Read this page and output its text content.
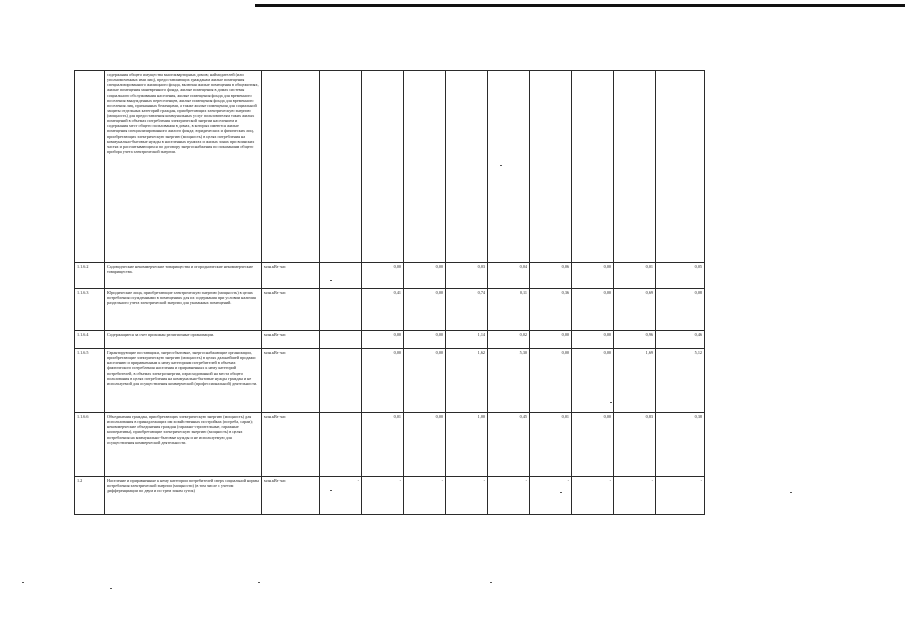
	содержания общего имущества многоквартирных домов; наймодателей (или уполномоченных ими лиц), предоставляющих гражданам жилые помещения специализированного жилищного фонда, включая жилые помещения в общежитиях, жилые помещения маневренного фонда, жилые помещения в домах системы социального обслуживания населения, жилые помещения фонда для временного поселения вынужденных переселенцев, жилые помещения фонда для временного поселения лиц, признанных беженцами, а также жилые помещения для социальной защиты отдельных категорий граждан, приобретающих электрическую энергию (мощность) для предоставления коммунальных услуг пользователям таких жилых помещений в объемах потребления электрической энергии населением и содержания мест общего пользования в домах, в которых имеются жилые помещения специализированного жилого фонда; юридических и физических лиц, приобретающих электрическую энергию (мощность) в целях потребления на коммунально-бытовые нужды в населенных пунктах и жилых зонах при воинских частях и рассчитывающихся по договору энергоснабжения по показаниям общего прибора учета электрической энергии.										
1.1.6.2	Садоводческие некоммерческие товарищества и огороднические некоммерческие товарищества.	млн.кВт·час		0,00	0,00	0,03	0,04	0,06	0,00	0,01	0,05
1.1.6.3	Юридические лица, приобретающие электрическую энергию (мощность) в целях потребления осужденными в помещениях для их содержания при условии наличия раздельного учета электрической энергии для указанных помещений.	млн.кВт·час		0,41	0,00	0,74	0,11	0,36	0,00	0,69	0,08
1.1.6.4	Содержащиеся за счет прихожан религиозные организации.	млн.кВт·час		0,00	0,00	1,14	0,02	0,00	0,00	0,96	0,46
1.1.6.5	Гарантирующие поставщики, энергосбытовые, энергоснабжающие организации, приобретающие электрическую энергию (мощность) в целях дальнейшей продажи населению и приравненным к нему категориям потребителей в объемах фактического потребления населения и приравненных к нему категорий потребителей, в объемах электроэнергии, израсходованной на места общего пользования в целях потребления на коммунально-бытовые нужды граждан и не используемой для осуществления коммерческой (профессиональной) деятельности.	млн.кВт·час		0,00	0,00	1,62	5,30	0,00	0,00	1,69	5,12
1.1.6.6	Объединения граждан, приобретающих электрическую энергию (мощность) для использования в принадлежащих им хозяйственных постройках (погреба, сараи); некоммерческие объединения граждан (гаражно-строительные, гаражные кооперативы), приобретающие электрическую энергию (мощность) в целях потребления на коммунально-бытовые нужды и не используемую для осуществления коммерческой деятельности.	млн.кВт·час		0,01	0,00	1,00	0,45	0,01	0,00	0,83	0,38
1.2	Население и приравненные к нему категории потребителей сверх социальной нормы потребления электрической энергии (мощности) (в том числе с учетом дифференциации по двум и по трем зонам суток)	млн.кВт·час	-	-	-	-	-	-	-	-	-
